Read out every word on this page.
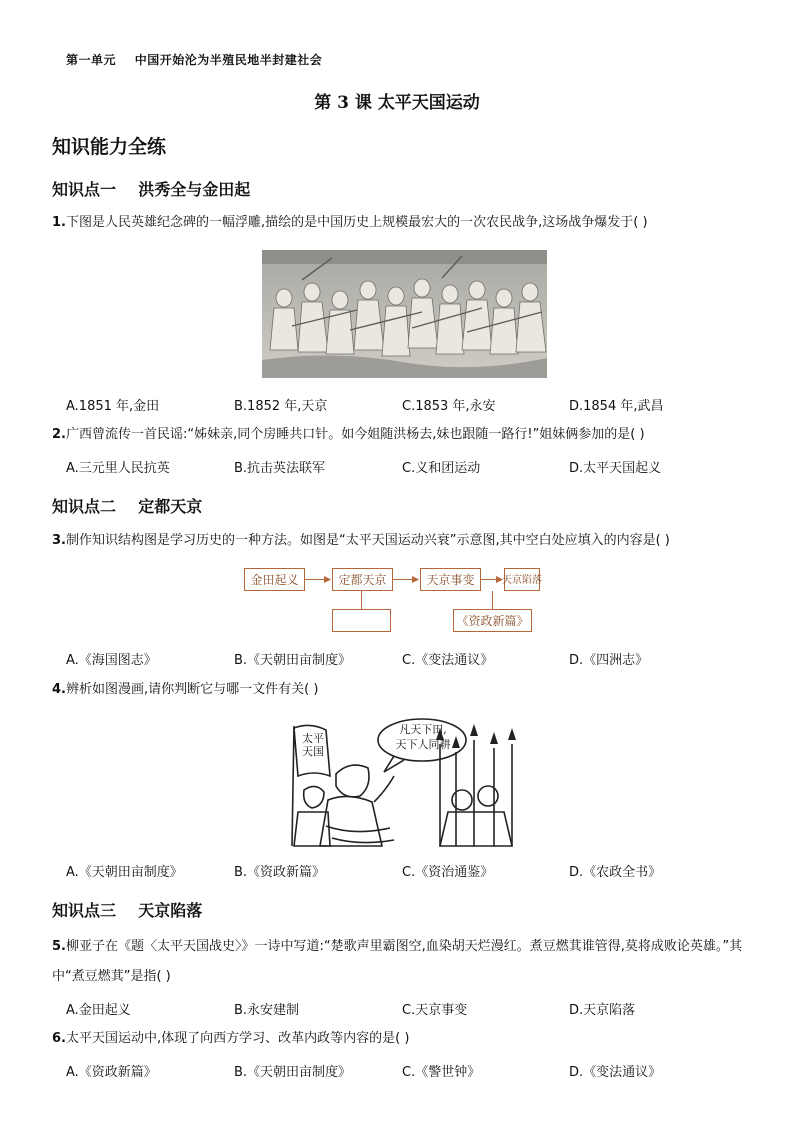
第一单元    中国开始沦为半殖民地半封建社会
第 3 课 太平天国运动
知识能力全练
知识点一    洪秀全与金田起
1.下图是人民英雄纪念碑的一幅浮雕,描绘的是中国历史上规模最宏大的一次农民战争,这场战争爆发于( )
A.1851 年,金田	B.1852 年,天京	C.1853 年,永安	D.1854 年,武昌
2.广西曾流传一首民谣:“姊妹亲,同个房睡共口针。如今姐随洪杨去,妹也跟随一路行!”姐妹俩参加的是( )
A.三元里人民抗英	B.抗击英法联军	C.义和团运动	D.太平天国起义
知识点二    定都天京
3.制作知识结构图是学习历史的一种方法。如图是“太平天国运动兴衰”示意图,其中空白处应填入的内容是( )
金田起义	定都天京	天京事变	天京陷落
《资政新篇》
A.《海国图志》	B.《天朝田亩制度》	C.《变法通议》	D.《四洲志》
4.辨析如图漫画,请你判断它与哪一文件有关( )
太平天国
凡天下田,
天下人同耕
A.《天朝田亩制度》	B.《资政新篇》	C.《资治通鉴》	D.《农政全书》
知识点三    天京陷落
5.柳亚子在《题〈太平天国战史〉》一诗中写道:“楚歌声里霸图空,血染胡天烂漫红。煮豆燃萁谁管得,莫将成败论英雄。”其中“煮豆燃萁”是指( )
A.金田起义	B.永安建制	C.天京事变	D.天京陷落
6.太平天国运动中,体现了向西方学习、改革内政等内容的是( )
A.《资政新篇》	B.《天朝田亩制度》	C.《警世钟》	D.《变法通议》
